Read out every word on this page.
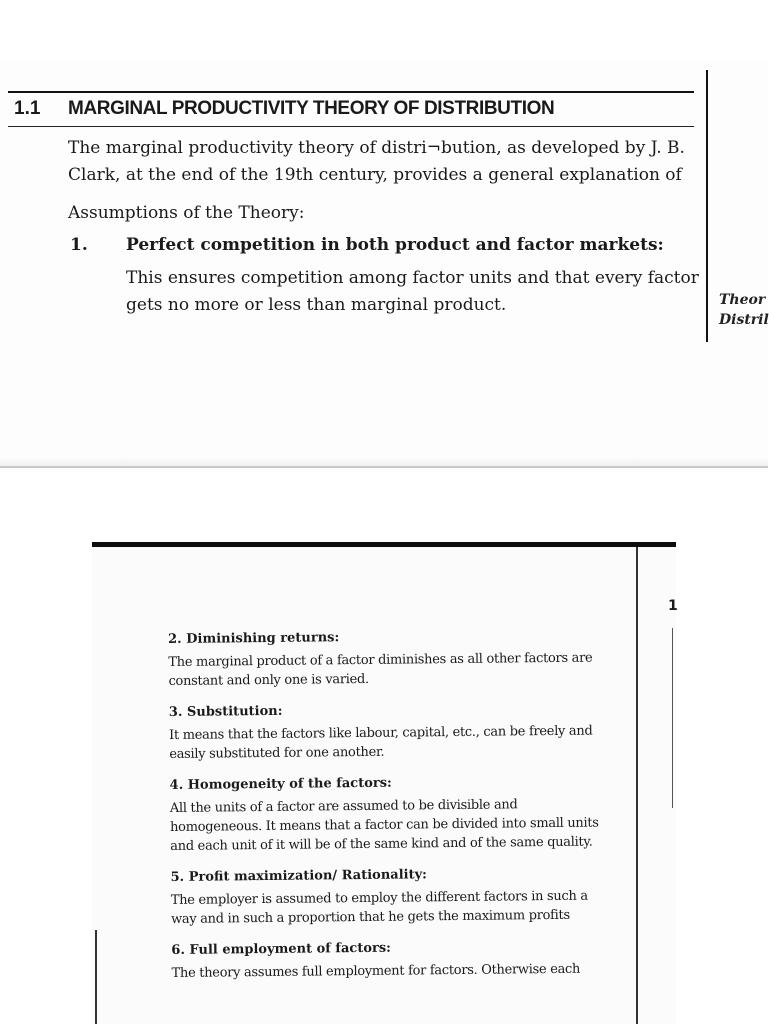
1.1 MARGINAL PRODUCTIVITY THEORY OF DISTRIBUTION
The marginal productivity theory of distri¬bution, as developed by J. B.
Clark, at the end of the 19th century, provides a general explanation of
Assumptions of the Theory:
1. Perfect competition in both product and factor markets:
This ensures competition among factor units and that every factor
gets no more or less than marginal product.	Theor
Distril
1

2. Diminishing returns:

The marginal product of a factor diminishes as all other factors are
constant and only one is varied.

3. Substitution:

It means that the factors like labour, capital, etc., can be freely and
easily substituted for one another.

4. Homogeneity of the factors:

All the units of a factor are assumed to be divisible and
homogeneous. It means that a factor can be divided into small units
and each unit of it will be of the same kind and of the same quality.

5. Profit maximization/ Rationality:

The employer is assumed to employ the different factors in such a
way and in such a proportion that he gets the maximum profits

6. Full employment of factors:

The theory assumes full employment for factors. Otherwise each
